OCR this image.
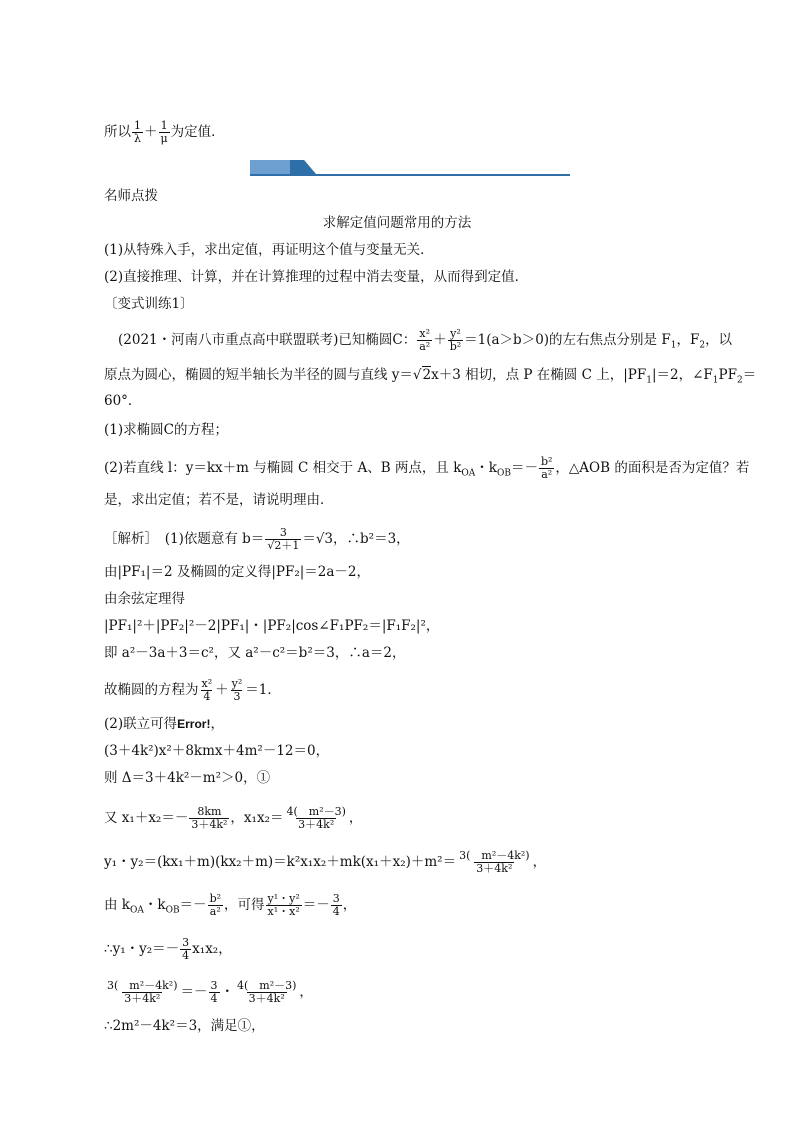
所以 $\frac{1}{\lambda} + \frac{1}{\mu}$ 为定值．
名师点拨
求解定值问题常用的方法
(1)从特殊入手，求出定值，再证明这个值与变量无关．
(2)直接推理、计算，并在计算推理的过程中消去变量，从而得到定值．
〔变式训练1〕
(2021・河南八市重点高中联盟联考)已知椭圆C： $\frac{\text{x²}}{\text{a²}} + \frac{\text{y²}}{\text{b²}} =1(a>b>0)$的左右焦点分别是 $F_1$，$F_2$，以
原点为圆心，椭圆的短半轴长为半径的圆与直线 y＝√2x＋3 相切，点 P 在椭圆 C 上，$|PF_1|=2$，$\angle F_1PF_2=$
60°．
(1)求椭圆C的方程；
(2)若直线 l：y＝kx＋m 与椭圆 C 相交于 A、B 两点，且 $k_{OA}$・$k_{OB}=- \frac{\text{b²}}{\text{a²}}$ ，△AOB 的面积是否为定值？若
是，求出定值；若不是，请说明理由．
［解析］　(1)依题意有 $b= \frac{3}{√2+1} =√3$，∴b²＝3，
由|PF₁|＝2 及椭圆的定义得|PF₂|＝2a－2，
由余弦定理得
|PF₁|²＋|PF₂|²－2|PF₁|・|PF₂|cos∠F₁PF₂＝|F₁F₂|²，
即 a²－3a＋3＝c²，又 a²－c²＝b²＝3，∴a＝2，
故椭圆的方程为 $\frac{\text{x²}}{4} + \frac{\text{y²}}{3} =1$．
(2)联立可得Error!，
(3＋4k²)x²＋8kmx＋4m²－12＝0，
则 Δ＝3＋4k²－m²＞0，①
又 $x_1+x_2=- \frac{8km}{\text{3＋4k²}}$ ，$x_1x_2= \frac{\text{4(　m²－3)}}{\text{3＋4k²}}$ ，
y₁・$y_2=(kx_1+m)(kx_2+m)=k^2x_1x_2+mk(x_1+x_2)+m^2= \frac{\text{3(　m²－4k²)}}{\text{3＋4k²}}$ ，
由 $k_{OA}$・$k_{OB}=- \frac{\text{b²}}{\text{a²}}$ ，可得 $\frac{\text{y¹・y²}}{\text{x¹・x²}} =- \frac{3}{4}$ ，
∴y₁・$y_2=- \frac{3}{4} x_1x_2$，
$\frac{\text{3(　m²－4k²)}}{\text{3＋4k²}} =- \frac{3}{4}$ ・ $\frac{\text{4(　m²－3)}}{\text{3＋4k²}}$ ，
∴2m²－4k²＝3，满足①，
